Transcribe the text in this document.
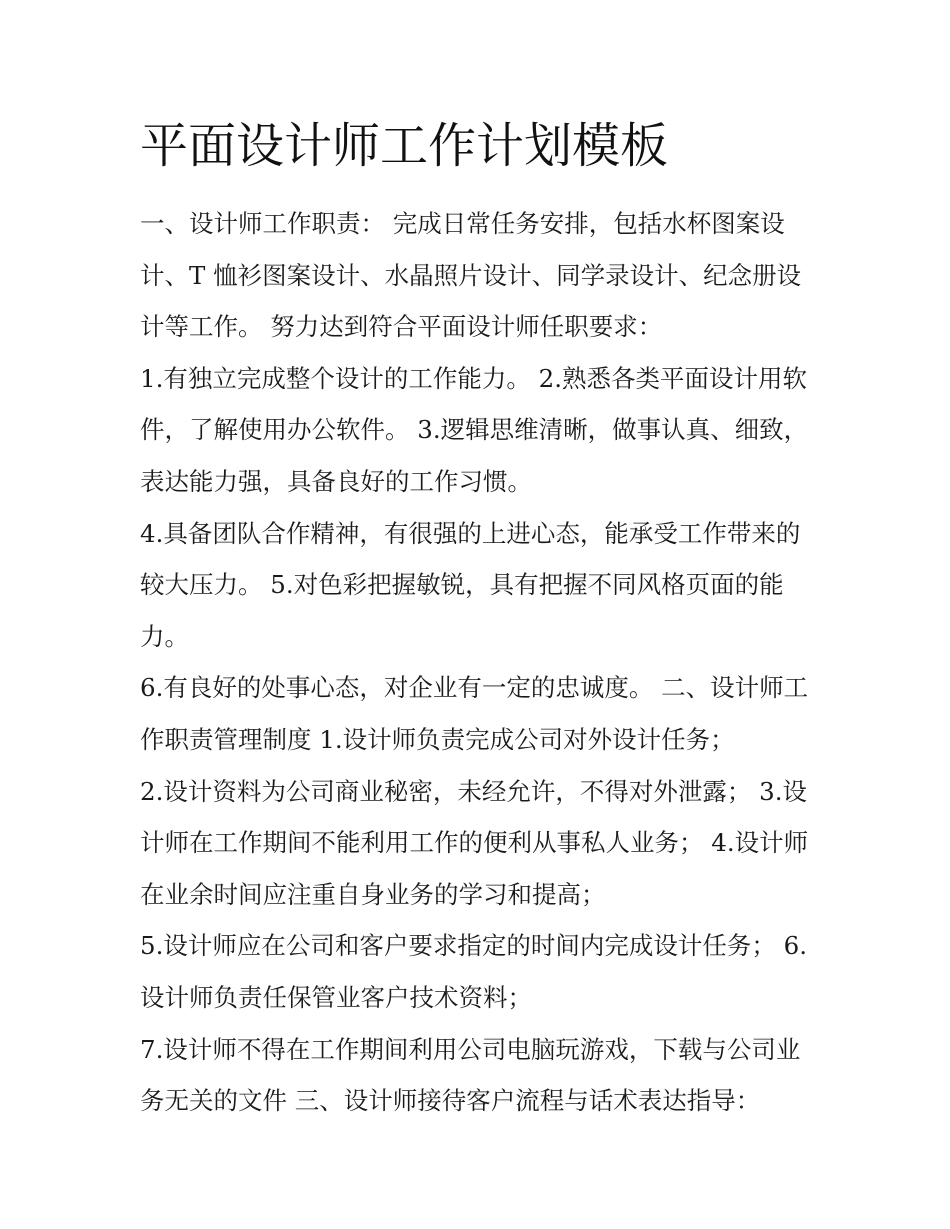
平面设计师工作计划模板
一、设计师工作职责： 完成日常任务安排，包括水杯图案设
计、T 恤衫图案设计、水晶照片设计、同学录设计、纪念册设
计等工作。 努力达到符合平面设计师任职要求：
1.有独立完成整个设计的工作能力。 2.熟悉各类平面设计用软
件，了解使用办公软件。 3.逻辑思维清晰，做事认真、细致，
表达能力强，具备良好的工作习惯。
4.具备团队合作精神，有很强的上进心态，能承受工作带来的
较大压力。 5.对色彩把握敏锐，具有把握不同风格页面的能
力。
6.有良好的处事心态，对企业有一定的忠诚度。 二、设计师工
作职责管理制度 1.设计师负责完成公司对外设计任务；
2.设计资料为公司商业秘密，未经允许，不得对外泄露； 3.设
计师在工作期间不能利用工作的便利从事私人业务； 4.设计师
在业余时间应注重自身业务的学习和提高；
5.设计师应在公司和客户要求指定的时间内完成设计任务； 6.
设计师负责任保管业客户技术资料；
7.设计师不得在工作期间利用公司电脑玩游戏，下载与公司业
务无关的文件 三、设计师接待客户流程与话术表达指导：
